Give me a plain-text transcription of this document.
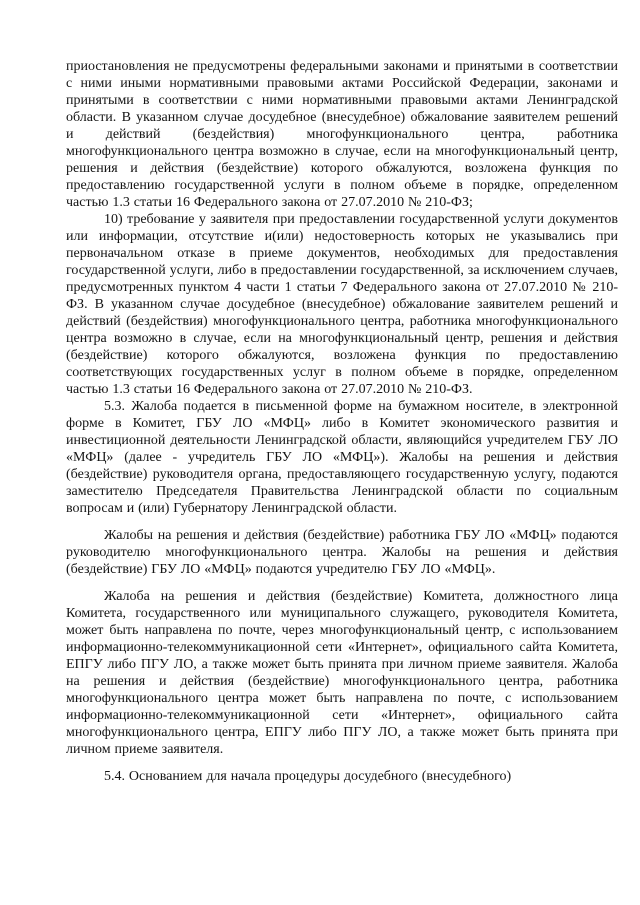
приостановления не предусмотрены федеральными законами и принятыми в соответствии с ними иными нормативными правовыми актами Российской Федерации, законами и принятыми в соответствии с ними нормативными правовыми актами Ленинградской области. В указанном случае досудебное (внесудебное) обжалование заявителем решений и действий (бездействия) многофункционального центра, работника многофункционального центра возможно в случае, если на многофункциональный центр, решения и действия (бездействие) которого обжалуются, возложена функция по предоставлению государственной услуги в полном объеме в порядке, определенном частью 1.3 статьи 16 Федерального закона от 27.07.2010 № 210-ФЗ;

10) требование у заявителя при предоставлении государственной услуги документов или информации, отсутствие и(или) недостоверность которых не указывались при первоначальном отказе в приеме документов, необходимых для предоставления государственной услуги, либо в предоставлении государственной, за исключением случаев, предусмотренных пунктом 4 части 1 статьи 7 Федерального закона от 27.07.2010 № 210-ФЗ. В указанном случае досудебное (внесудебное) обжалование заявителем решений и действий (бездействия) многофункционального центра, работника многофункционального центра возможно в случае, если на многофункциональный центр, решения и действия (бездействие) которого обжалуются, возложена функция по предоставлению соответствующих государственных услуг в полном объеме в порядке, определенном частью 1.3 статьи 16 Федерального закона от 27.07.2010 № 210-ФЗ.

5.3. Жалоба подается в письменной форме на бумажном носителе, в электронной форме в Комитет, ГБУ ЛО «МФЦ» либо в Комитет экономического развития и инвестиционной деятельности Ленинградской области, являющийся учредителем ГБУ ЛО «МФЦ» (далее - учредитель ГБУ ЛО «МФЦ»). Жалобы на решения и действия (бездействие) руководителя органа, предоставляющего государственную услугу, подаются заместителю Председателя Правительства Ленинградской области по социальным вопросам и (или) Губернатору Ленинградской области.

Жалобы на решения и действия (бездействие) работника ГБУ ЛО «МФЦ» подаются руководителю многофункционального центра. Жалобы на решения и действия (бездействие) ГБУ ЛО «МФЦ» подаются учредителю ГБУ ЛО «МФЦ».

Жалоба на решения и действия (бездействие) Комитета, должностного лица Комитета, государственного или муниципального служащего, руководителя Комитета, может быть направлена по почте, через многофункциональный центр, с использованием информационно-телекоммуникационной сети «Интернет», официального сайта Комитета, ЕПГУ либо ПГУ ЛО, а также может быть принята при личном приеме заявителя. Жалоба на решения и действия (бездействие) многофункционального центра, работника многофункционального центра может быть направлена по почте, с использованием информационно-телекоммуникационной сети «Интернет», официального сайта многофункционального центра, ЕПГУ либо ПГУ ЛО, а также может быть принята при личном приеме заявителя.

5.4. Основанием для начала процедуры досудебного (внесудебного)
